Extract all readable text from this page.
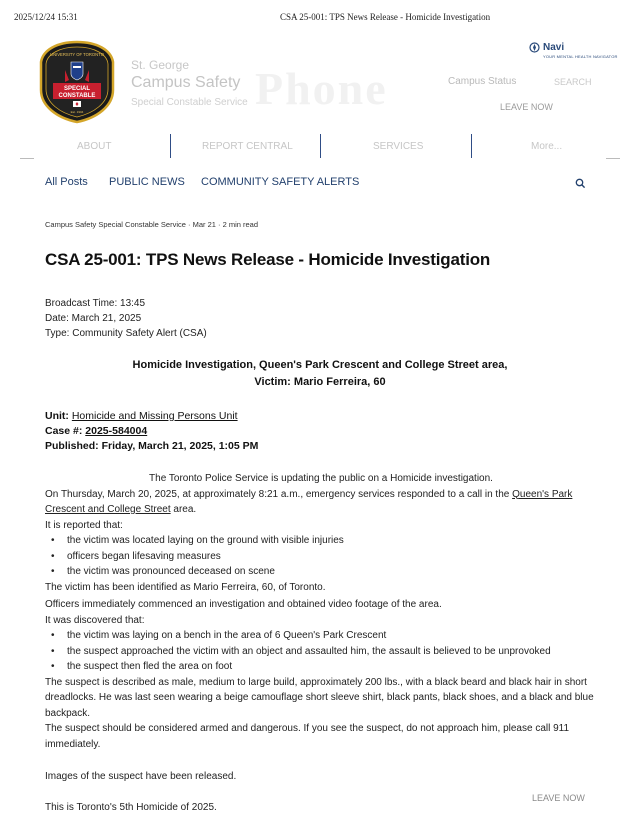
2025/12/24 15:31	CSA 25-001: TPS News Release - Homicide Investigation
UNIVERSITY OF TORONTO
SPECIAL
CONSTABLE
Est. 1904	Phone
St. George
Campus Safety
Special Constable Service
Navi
YOUR MENTAL HEALTH NAVIGATOR
Campus Status	SEARCH
LEAVE NOW
ABOUT	REPORT CENTRAL	SERVICES	More...
All Posts PUBLIC NEWS COMMUNITY SAFETY ALERTS
Campus Safety Special Constable Service · Mar 21 · 2 min read
CSA 25-001: TPS News Release - Homicide Investigation
Broadcast Time: 13:45
Date: March 21, 2025
Type: Community Safety Alert (CSA)
Homicide Investigation, Queen's Park Crescent and College Street area,
Victim: Mario Ferreira, 60
Unit: Homicide and Missing Persons Unit
Case #: 2025-584004
Published: Friday, March 21, 2025, 1:05 PM

The Toronto Police Service is updating the public on a Homicide investigation.

On Thursday, March 20, 2025, at approximately 8:21 a.m., emergency services responded to a call in the Queen's Park Crescent and College Street area.

It is reported that:

• the victim was located laying on the ground with visible injuries
• officers began lifesaving measures
• the victim was pronounced deceased on scene

The victim has been identified as Mario Ferreira, 60, of Toronto.

Officers immediately commenced an investigation and obtained video footage of the area.

It was discovered that:

• the victim was laying on a bench in the area of 6 Queen's Park Crescent
• the suspect approached the victim with an object and assaulted him, the assault is believed to be unprovoked
• the suspect then fled the area on foot

The suspect is described as male, medium to large build, approximately 200 lbs., with a black beard and black hair in short dreadlocks. He was last seen wearing a beige camouflage short sleeve shirt, black pants, black shoes, and a black and blue backpack.

The suspect should be considered armed and dangerous. If you see the suspect, do not approach him, please call 911 immediately.

Images of the suspect have been released.

This is Toronto's 5th Homicide of 2025.

LEAVE NOW
